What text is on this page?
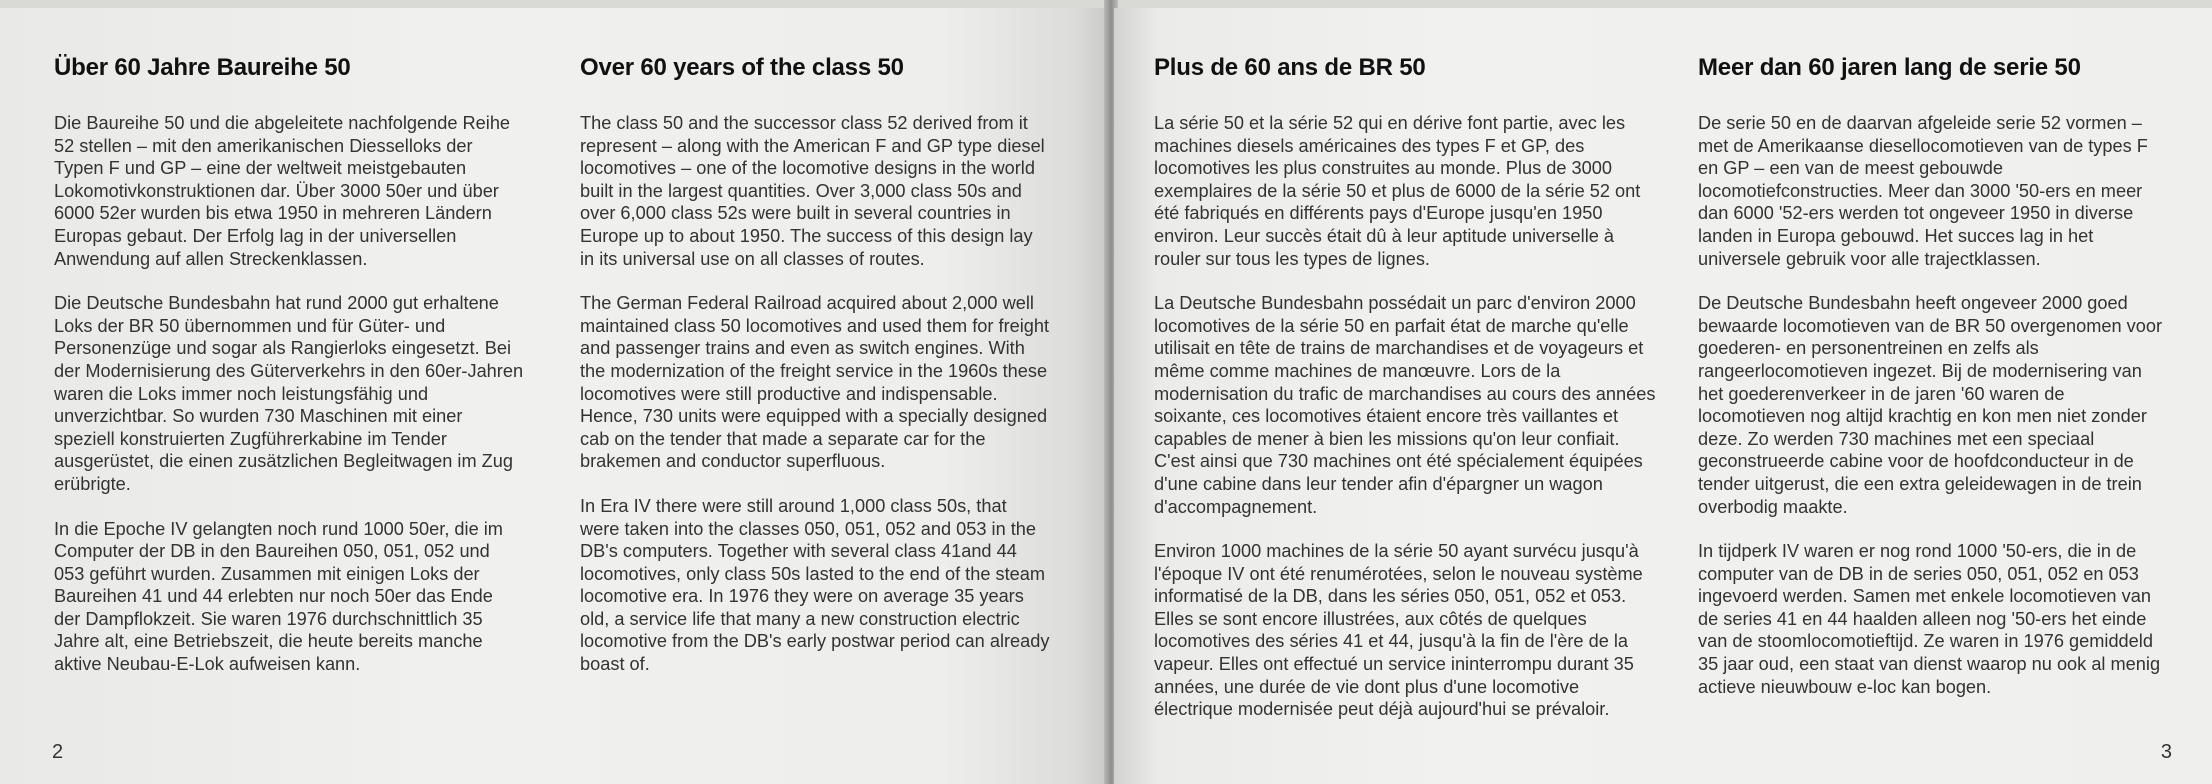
Über 60 Jahre Baureihe 50

Die Baureihe 50 und die abgeleitete nachfolgende Reihe 52 stellen – mit den amerikanischen Diesselloks der Typen F und GP – eine der weltweit meistgebauten Lokomotivkonstruktionen dar. Über 3000 50er und über 6000 52er wurden bis etwa 1950 in mehreren Ländern Europas gebaut. Der Erfolg lag in der universellen Anwendung auf allen Streckenklassen.

Die Deutsche Bundesbahn hat rund 2000 gut erhaltene Loks der BR 50 übernommen und für Güter- und Personenzüge und sogar als Rangierloks eingesetzt. Bei der Modernisierung des Güterverkehrs in den 60er-Jahren waren die Loks immer noch leistungsfähig und unverzichtbar. So wurden 730 Maschinen mit einer speziell konstruierten Zugführerkabine im Tender ausgerüstet, die einen zusätzlichen Begleitwagen im Zug erübrigte.

In die Epoche IV gelangten noch rund 1000 50er, die im Computer der DB in den Baureihen 050, 051, 052 und 053 geführt wurden. Zusammen mit einigen Loks der Baureihen 41 und 44 erlebten nur noch 50er das Ende der Dampflokzeit. Sie waren 1976 durchschnittlich 35 Jahre alt, eine Betriebszeit, die heute bereits manche aktive Neubau-E-Lok aufweisen kann.

Over 60 years of the class 50

The class 50 and the successor class 52 derived from it represent – along with the American F and GP type diesel locomotives – one of the locomotive designs in the world built in the largest quantities. Over 3,000 class 50s and over 6,000 class 52s were built in several countries in Europe up to about 1950. The success of this design lay in its universal use on all classes of routes.

The German Federal Railroad acquired about 2,000 well maintained class 50 locomotives and used them for freight and passenger trains and even as switch engines. With the modernization of the freight service in the 1960s these locomotives were still productive and indispensable. Hence, 730 units were equipped with a specially designed cab on the tender that made a separate car for the brakemen and conductor superfluous.

In Era IV there were still around 1,000 class 50s, that were taken into the classes 050, 051, 052 and 053 in the DB's computers. Together with several class 41and 44 locomotives, only class 50s lasted to the end of the steam locomotive era. In 1976 they were on average 35 years old, a service life that many a new construction electric locomotive from the DB's early postwar period can already boast of.

2
Plus de 60 ans de BR 50

La série 50 et la série 52 qui en dérive font partie, avec les machines diesels américaines des types F et GP, des locomotives les plus construites au monde. Plus de 3000 exemplaires de la série 50 et plus de 6000 de la série 52 ont été fabriqués en différents pays d'Europe jusqu'en 1950 environ. Leur succès était dû à leur aptitude universelle à rouler sur tous les types de lignes.

La Deutsche Bundesbahn possédait un parc d'environ 2000 locomotives de la série 50 en parfait état de marche qu'elle utilisait en tête de trains de marchandises et de voyageurs et même comme machines de manœuvre. Lors de la modernisation du trafic de marchandises au cours des années soixante, ces locomotives étaient encore très vaillantes et capables de mener à bien les missions qu'on leur confiait. C'est ainsi que 730 machines ont été spécialement équipées d'une cabine dans leur tender afin d'épargner un wagon d'accompagnement.

Environ 1000 machines de la série 50 ayant survécu jusqu'à l'époque IV ont été renumérotées, selon le nouveau système informatisé de la DB, dans les séries 050, 051, 052 et 053. Elles se sont encore illustrées, aux côtés de quelques locomotives des séries 41 et 44, jusqu'à la fin de l'ère de la vapeur. Elles ont effectué un service ininterrompu durant 35 années, une durée de vie dont plus d'une locomotive électrique modernisée peut déjà aujourd'hui se prévaloir.

Meer dan 60 jaren lang de serie 50

De serie 50 en de daarvan afgeleide serie 52 vormen – met de Amerikaanse diesellocomotieven van de types F en GP – een van de meest gebouwde locomotiefconstructies. Meer dan 3000 '50-ers en meer dan 6000 '52-ers werden tot ongeveer 1950 in diverse landen in Europa gebouwd. Het succes lag in het universele gebruik voor alle trajectklassen.

De Deutsche Bundesbahn heeft ongeveer 2000 goed bewaarde locomotieven van de BR 50 overgenomen voor goederen- en personentreinen en zelfs als rangeerlocomotieven ingezet. Bij de modernisering van het goederenverkeer in de jaren '60 waren de locomotieven nog altijd krachtig en kon men niet zonder deze. Zo werden 730 machines met een speciaal geconstrueerde cabine voor de hoofdconducteur in de tender uitgerust, die een extra geleidewagen in de trein overbodig maakte.

In tijdperk IV waren er nog rond 1000 '50-ers, die in de computer van de DB in de series 050, 051, 052 en 053 ingevoerd werden. Samen met enkele locomotieven van de series 41 en 44 haalden alleen nog '50-ers het einde van de stoomlocomotieftijd. Ze waren in 1976 gemiddeld 35 jaar oud, een staat van dienst waarop nu ook al menig actieve nieuwbouw e-loc kan bogen.

3
